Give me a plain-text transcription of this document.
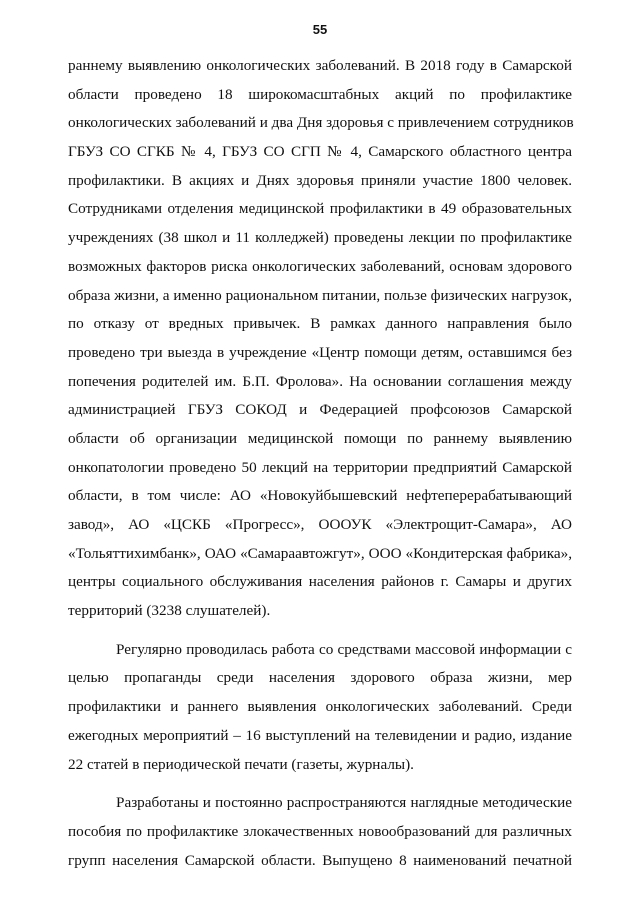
55
раннему выявлению онкологических заболеваний. В 2018 году в Самарской
области проведено 18 широкомасштабных акций по профилактике
онкологических заболеваний и два Дня здоровья с привлечением сотрудников
ГБУЗ СО СГКБ № 4, ГБУЗ СО СГП № 4, Самарского областного центра
профилактики. В акциях и Днях здоровья приняли участие 1800 человек.
Сотрудниками отделения медицинской профилактики в 49 образовательных
учреждениях (38 школ и 11 колледжей) проведены лекции по профилактике
возможных факторов риска онкологических заболеваний, основам здорового
образа жизни, а именно рациональном питании, пользе физических нагрузок,
по отказу от вредных привычек. В рамках данного направления было
проведено три выезда в учреждение «Центр помощи детям, оставшимся без
попечения родителей им. Б.П. Фролова». На основании соглашения между
администрацией ГБУЗ СОКОД и Федерацией профсоюзов Самарской
области об организации медицинской помощи по раннему выявлению
онкопатологии проведено 50 лекций на территории предприятий Самарской
области, в том числе: АО «Новокуйбышевский нефтеперерабатывающий
завод», АО «ЦСКБ «Прогресс», ОООУК «Электрощит-Самара», АО
«Тольяттихимбанк», ОАО «Самараавтожгут», ООО «Кондитерская фабрика»,
центры социального обслуживания населения районов г. Самары и других
территорий (3238 слушателей).
Регулярно проводилась работа со средствами массовой информации с
целью пропаганды среди населения здорового образа жизни, мер
профилактики и раннего выявления онкологических заболеваний. Среди
ежегодных мероприятий – 16 выступлений на телевидении и радио, издание
22 статей в периодической печати (газеты, журналы).
Разработаны и постоянно распространяются наглядные методические
пособия по профилактике злокачественных новообразований для различных
групп населения Самарской области. Выпущено 8 наименований печатной
